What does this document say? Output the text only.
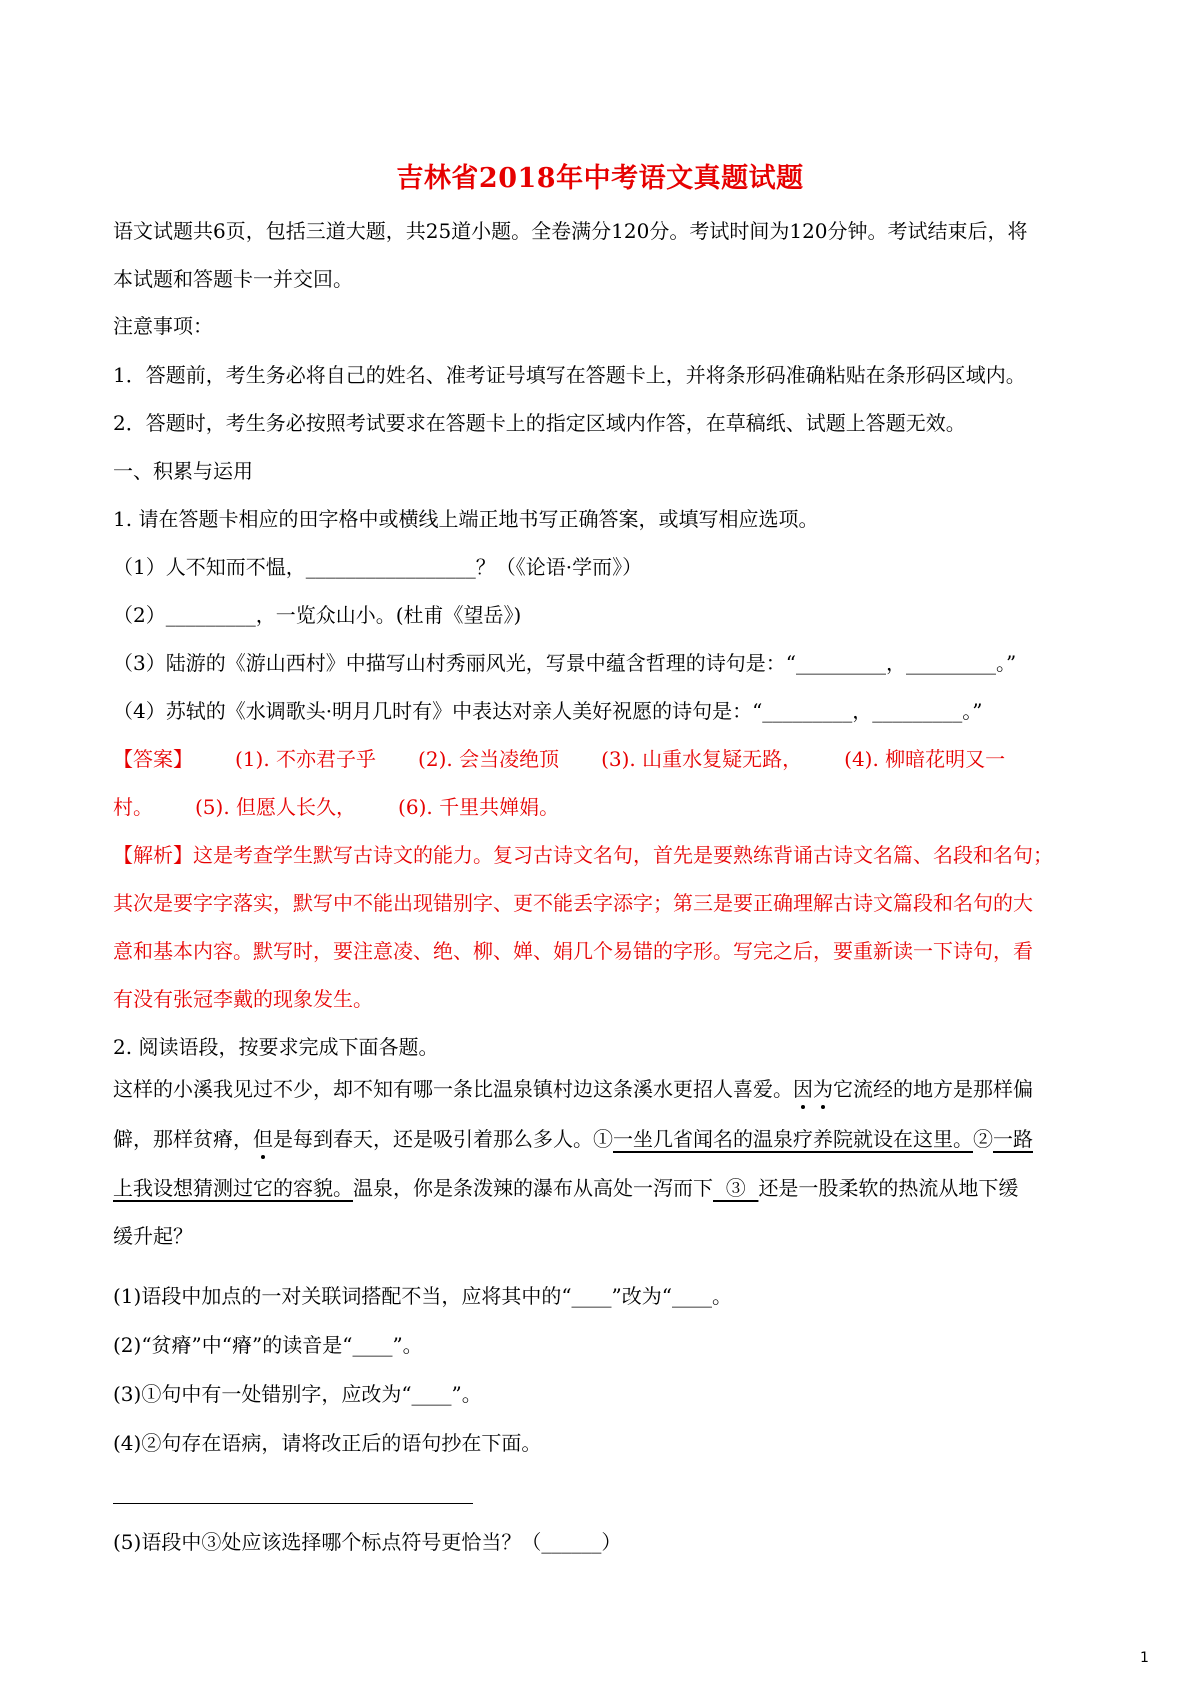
吉林省2018年中考语文真题试题
语文试题共6页，包括三道大题，共25道小题。全卷满分120分。考试时间为120分钟。考试结束后，将
本试题和答题卡一并交回。
注意事项：
1．答题前，考生务必将自己的姓名、准考证号填写在答题卡上，并将条形码准确粘贴在条形码区域内。
2．答题时，考生务必按照考试要求在答题卡上的指定区域内作答，在草稿纸、试题上答题无效。
一、积累与运用
1. 请在答题卡相应的田字格中或横线上端正地书写正确答案，或填写相应选项。
（1）人不知而不愠，_________________？（《论语·学而》）
（2）_________，一览众山小。(杜甫《望岳》)
（3）陆游的《游山西村》中描写山村秀丽风光，写景中蕴含哲理的诗句是：“_________，_________。”
（4）苏轼的《水调歌头·明月几时有》中表达对亲人美好祝愿的诗句是：“_________，_________。”
【答案】 (1). 不亦君子乎 (2). 会当凌绝顶 (3). 山重水复疑无路， (4). 柳暗花明又一
村。 (5). 但愿人长久， (6). 千里共婵娟。
【解析】这是考查学生默写古诗文的能力。复习古诗文名句，首先是要熟练背诵古诗文名篇、名段和名句；
其次是要字字落实，默写中不能出现错别字、更不能丢字添字；第三是要正确理解古诗文篇段和名句的大
意和基本内容。默写时，要注意凌、绝、柳、婵、娟几个易错的字形。写完之后，要重新读一下诗句，看
有没有张冠李戴的现象发生。
2. 阅读语段，按要求完成下面各题。
这样的小溪我见过不少，却不知有哪一条比温泉镇村边这条溪水更招人喜爱。因为它流经的地方是那样偏
僻，那样贫瘠，但是每到春天，还是吸引着那么多人。①一坐几省闻名的温泉疗养院就设在这里。②一路
上我设想猜测过它的容貌。温泉，你是条泼辣的瀑布从高处一泻而下  ③  还是一股柔软的热流从地下缓
缓升起？
(1)语段中加点的一对关联词搭配不当，应将其中的“____”改为“____。
(2)“贫瘠”中“瘠”的读音是“____”。
(3)①句中有一处错别字，应改为“____”。
(4)②句存在语病，请将改正后的语句抄在下面。
(5)语段中③处应该选择哪个标点符号更恰当？（______）
1
